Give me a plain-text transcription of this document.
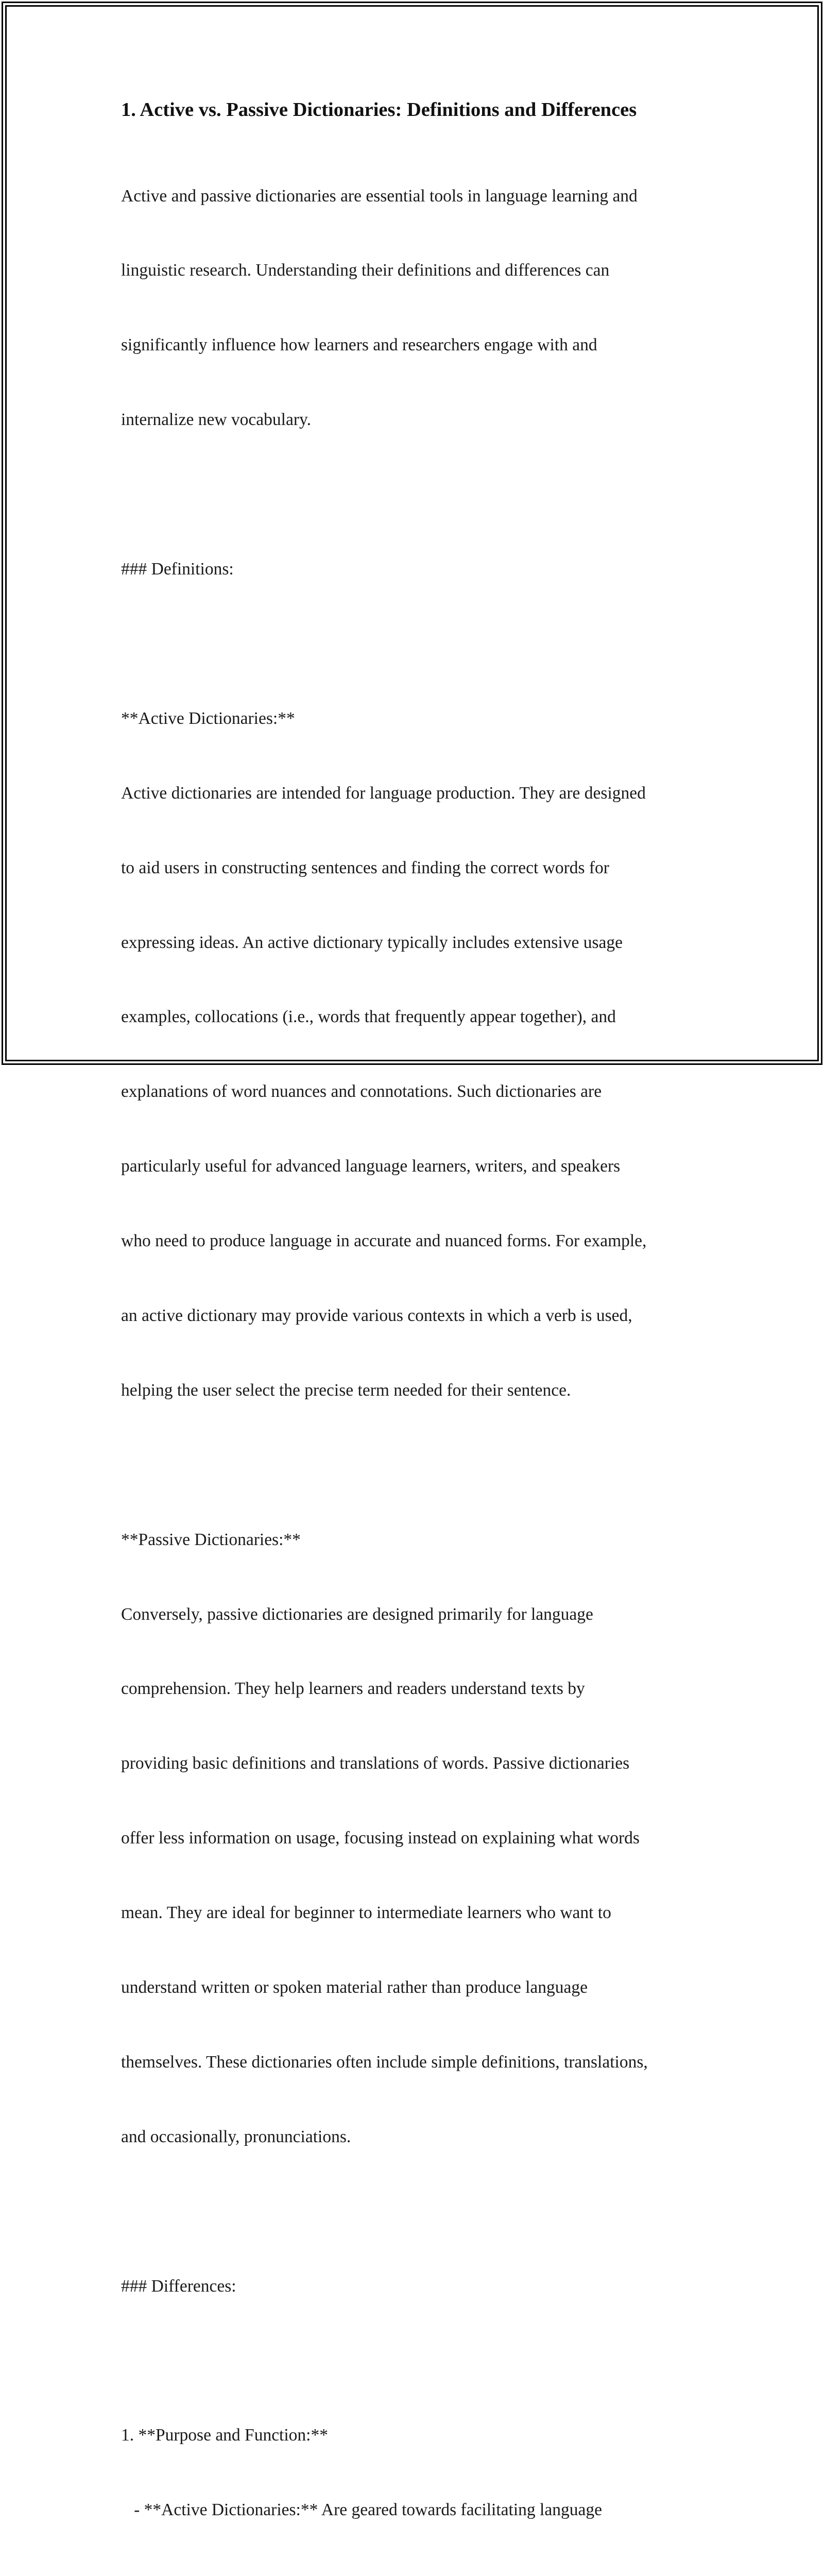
1. Active vs. Passive Dictionaries: Definitions and Differences

Active and passive dictionaries are essential tools in language learning and

linguistic research. Understanding their definitions and differences can

significantly influence how learners and researchers engage with and

internalize new vocabulary.

### Definitions:

**Active Dictionaries:**

Active dictionaries are intended for language production. They are designed

to aid users in constructing sentences and finding the correct words for

expressing ideas. An active dictionary typically includes extensive usage

examples, collocations (i.e., words that frequently appear together), and

explanations of word nuances and connotations. Such dictionaries are

particularly useful for advanced language learners, writers, and speakers

who need to produce language in accurate and nuanced forms. For example,

an active dictionary may provide various contexts in which a verb is used,

helping the user select the precise term needed for their sentence.

**Passive Dictionaries:**

Conversely, passive dictionaries are designed primarily for language

comprehension. They help learners and readers understand texts by

providing basic definitions and translations of words. Passive dictionaries

offer less information on usage, focusing instead on explaining what words

mean. They are ideal for beginner to intermediate learners who want to

understand written or spoken material rather than produce language

themselves. These dictionaries often include simple definitions, translations,

and occasionally, pronunciations.

### Differences:

1. **Purpose and Function:**

- **Active Dictionaries:** Are geared towards facilitating language
